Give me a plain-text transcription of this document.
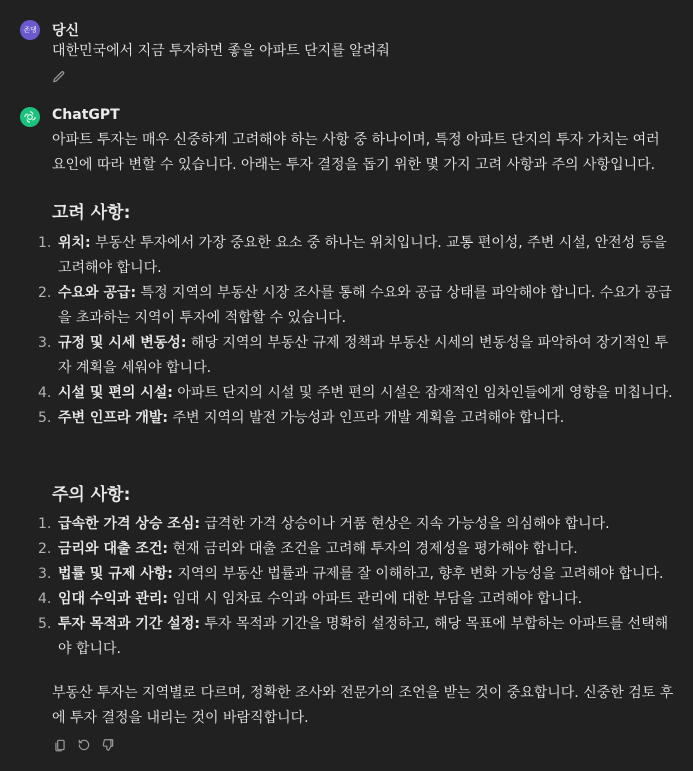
존댕 당신
대한민국에서 지금 투자하면 좋을 아파트 단지를 알려줘
ChatGPT
아파트 투자는 매우 신중하게 고려해야 하는 사항 중 하나이며, 특정 아파트 단지의 투자 가치는 여러 요인에 따라 변할 수 있습니다. 아래는 투자 결정을 돕기 위한 몇 가지 고려 사항과 주의 사항입니다.
고려 사항:
1. 위치: 부동산 투자에서 가장 중요한 요소 중 하나는 위치입니다. 교통 편이성, 주변 시설, 안전성 등을 고려해야 합니다.
2. 수요와 공급: 특정 지역의 부동산 시장 조사를 통해 수요와 공급 상태를 파악해야 합니다. 수요가 공급을 초과하는 지역이 투자에 적합할 수 있습니다.
3. 규정 및 시세 변동성: 해당 지역의 부동산 규제 정책과 부동산 시세의 변동성을 파악하여 장기적인 투자 계획을 세워야 합니다.
4. 시설 및 편의 시설: 아파트 단지의 시설 및 주변 편의 시설은 잠재적인 임차인들에게 영향을 미칩니다.
5. 주변 인프라 개발: 주변 지역의 발전 가능성과 인프라 개발 계획을 고려해야 합니다.
주의 사항:
1. 급속한 가격 상승 조심: 급격한 가격 상승이나 거품 현상은 지속 가능성을 의심해야 합니다.
2. 금리와 대출 조건: 현재 금리와 대출 조건을 고려해 투자의 경제성을 평가해야 합니다.
3. 법률 및 규제 사항: 지역의 부동산 법률과 규제를 잘 이해하고, 향후 변화 가능성을 고려해야 합니다.
4. 임대 수익과 관리: 임대 시 임차료 수익과 아파트 관리에 대한 부담을 고려해야 합니다.
5. 투자 목적과 기간 설정: 투자 목적과 기간을 명확히 설정하고, 해당 목표에 부합하는 아파트를 선택해야 합니다.
부동산 투자는 지역별로 다르며, 정확한 조사와 전문가의 조언을 받는 것이 중요합니다. 신중한 검토 후에 투자 결정을 내리는 것이 바람직합니다.
